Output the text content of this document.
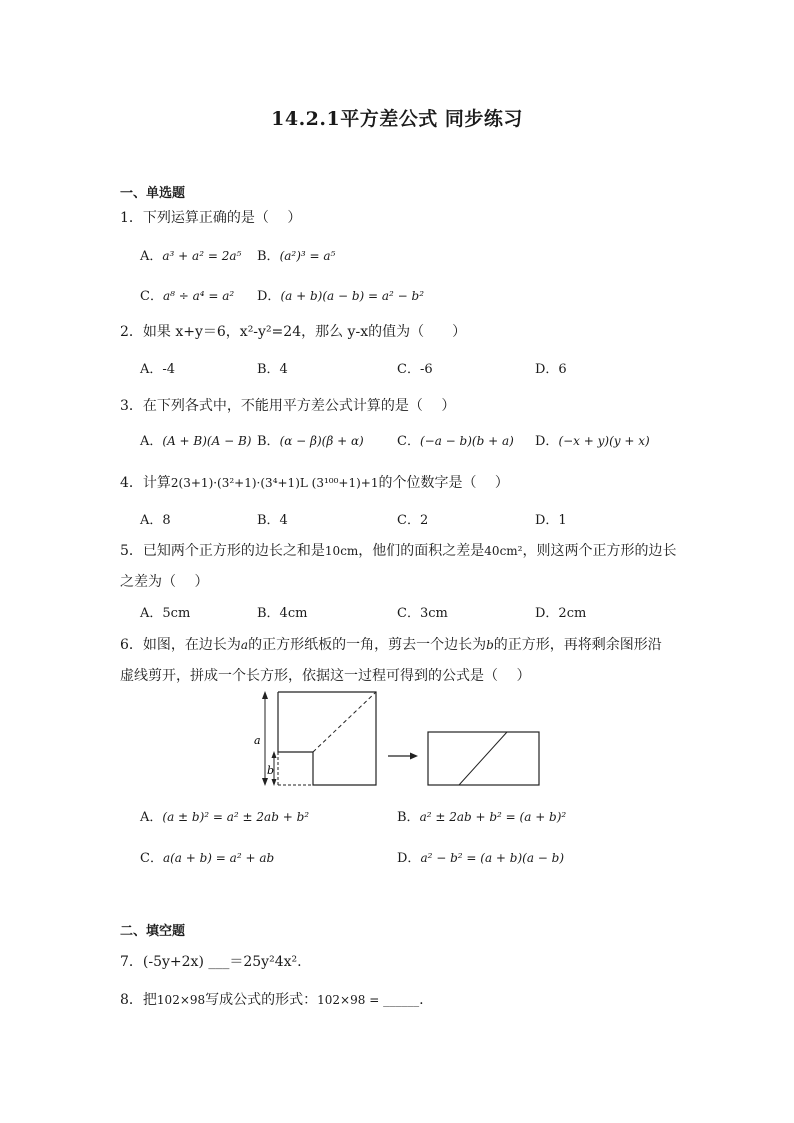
14.2.1平方差公式 同步练习
一、单选题
1．下列运算正确的是（　 ）
A．a³ + a² = 2a⁵ B．(a²)³ = a⁵
C．a⁸ ÷ a⁴ = a² D．(a + b)(a − b) = a² − b²
2．如果 x+y＝6，x²-y²=24，那么 y-x的值为（　　）
A．-4	B．4	C．-6	D．6
3．在下列各式中，不能用平方差公式计算的是（　 ）
A．(A + B)(A − B) B．(α − β)(β + α)	C．(−a − b)(b + a) D．(−x + y)(y + x)
4．计算2(3+1)·(3²+1)·(3⁴+1)L (3¹⁰⁰+1)+1的个位数字是（　 ）
A．8	B．4	C．2	D．1
5．已知两个正方形的边长之和是10cm，他们的面积之差是40cm²，则这两个正方形的边长
之差为（　 ）
A．5cm	B．4cm	C．3cm	D．2cm
6．如图，在边长为a的正方形纸板的一角，剪去一个边长为b的正方形，再将剩余图形沿
虚线剪开，拼成一个长方形，依据这一过程可得到的公式是（　 ）
a
b
A．(a ± b)² = a² ± 2ab + b²	B．a² ± 2ab + b² = (a + b)²
C．a(a + b) = a² + ab	D．a² − b² = (a + b)(a − b)
二、填空题
7．(-5y+2x) ___＝25y²4x².
8．把102×98写成公式的形式：102×98 = ______.
